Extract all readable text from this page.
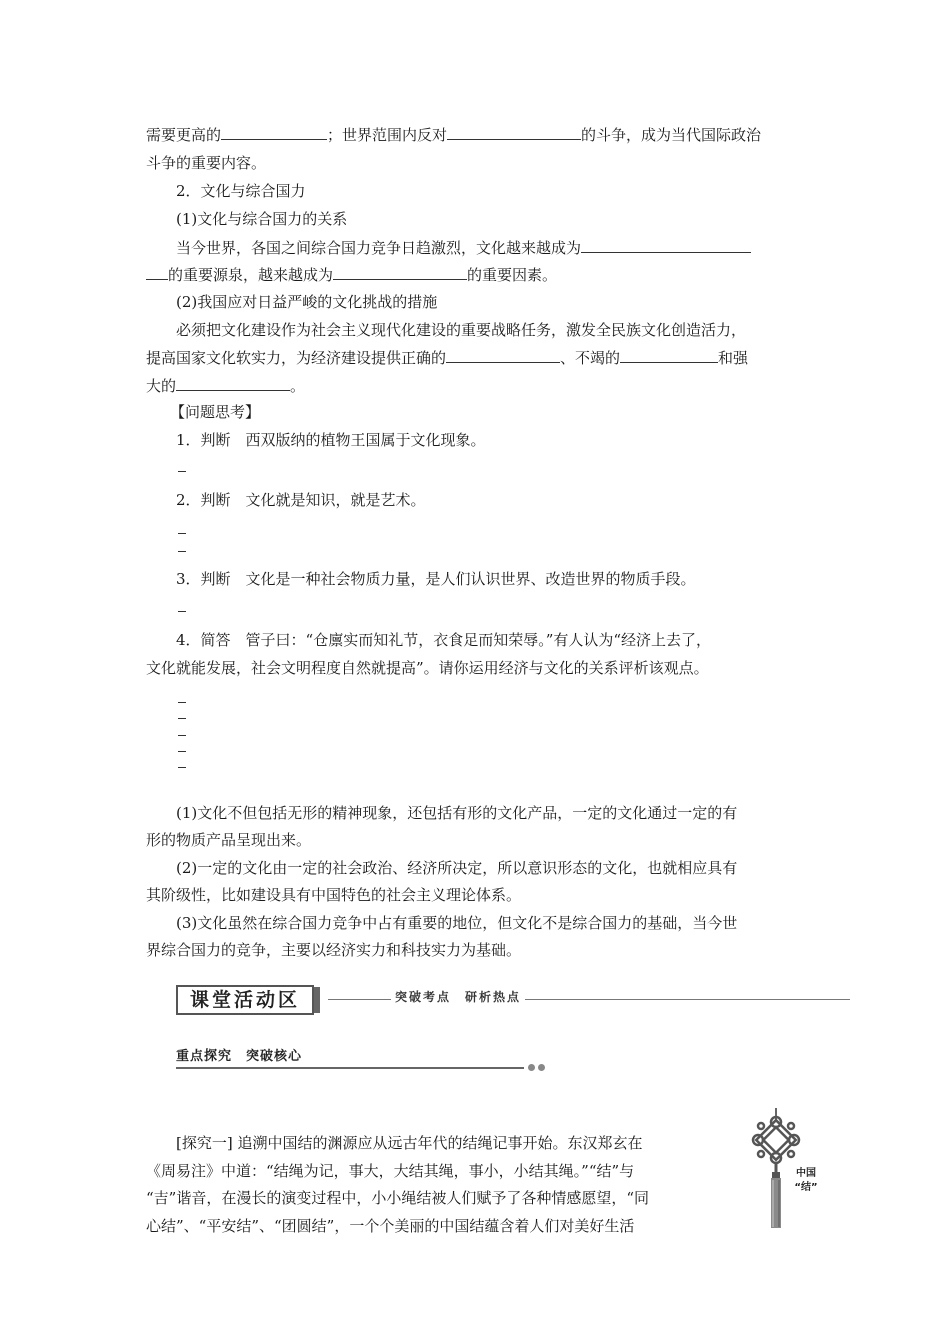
需要更高的	；世界范围内反对	的斗争，成为当代国际政治
斗争的重要内容。
2．文化与综合国力
(1)文化与综合国力的关系
当今世界，各国之间综合国力竞争日趋激烈，文化越来越成为
的重要源泉，越来越成为	的重要因素。
(2)我国应对日益严峻的文化挑战的措施
必须把文化建设作为社会主义现代化建设的重要战略任务，激发全民族文化创造活力，
提高国家文化软实力，为经济建设提供正确的	、不竭的	和强
大的	。
【问题思考】
1．判断　西双版纳的植物王国属于文化现象。
2．判断　文化就是知识，就是艺术。
3．判断　文化是一种社会物质力量，是人们认识世界、改造世界的物质手段。
4．简答　管子曰：“仓廪实而知礼节，衣食足而知荣辱。”有人认为“经济上去了，
文化就能发展，社会文明程度自然就提高”。请你运用经济与文化的关系评析该观点。
(1)文化不但包括无形的精神现象，还包括有形的文化产品，一定的文化通过一定的有
形的物质产品呈现出来。
(2)一定的文化由一定的社会政治、经济所决定，所以意识形态的文化，也就相应具有
其阶级性，比如建设具有中国特色的社会主义理论体系。
(3)文化虽然在综合国力竞争中占有重要的地位，但文化不是综合国力的基础，当今世
界综合国力的竞争，主要以经济实力和科技实力为基础。
课堂活动区	突破考点　研析热点
重点探究　突破核心
[探究一] 追溯中国结的渊源应从远古年代的结绳记事开始。东汉郑玄在
《周易注》中道：“结绳为记，事大，大结其绳，事小，小结其绳。”“结”与
“吉”谐音，在漫长的演变过程中，小小绳结被人们赋予了各种情感愿望，“同
心结”、“平安结”、“团圆结”，一个个美丽的中国结蕴含着人们对美好生活
中国
“结”
